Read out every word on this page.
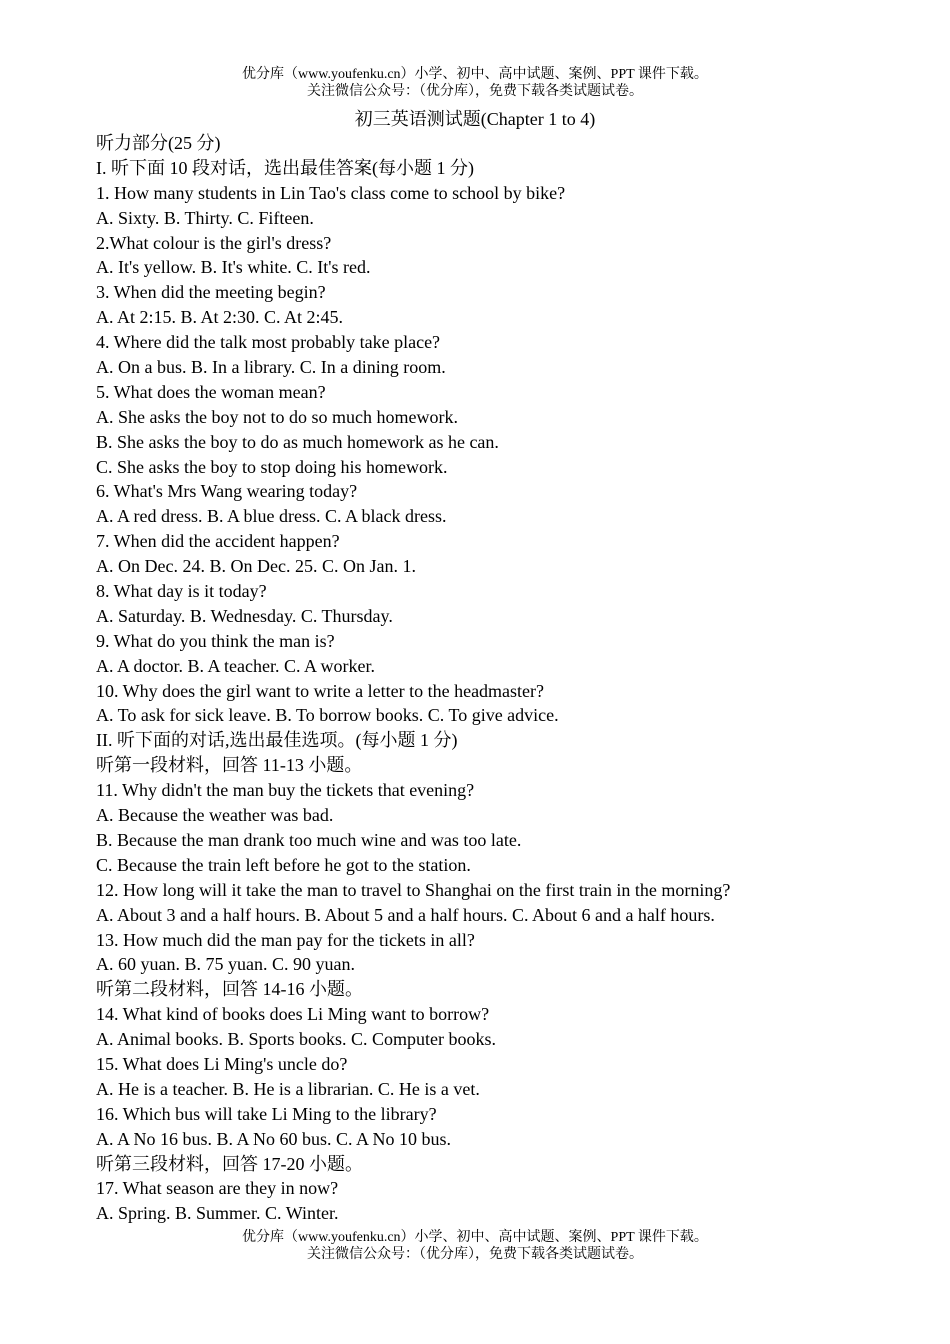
优分库（www.youfenku.cn）小学、初中、高中试题、案例、PPT 课件下载。
关注微信公众号：（优分库），免费下载各类试题试卷。
初三英语测试题(Chapter 1 to 4)
听力部分(25 分)
I. 听下面 10 段对话，选出最佳答案(每小题 1 分)
1. How many students in Lin Tao's class come to school by bike?
A. Sixty. B. Thirty. C. Fifteen.
2.What colour is the girl's dress?
A. It's yellow. B. It's white. C. It's red.
3. When did the meeting begin?
A. At 2:15. B. At 2:30. C. At 2:45.
4. Where did the talk most probably take place?
A. On a bus. B. In a library. C. In a dining room.
5. What does the woman mean?
A. She asks the boy not to do so much homework.
B. She asks the boy to do as much homework as he can.
C. She asks the boy to stop doing his homework.
6. What's Mrs Wang wearing today?
A. A red dress. B. A blue dress. C. A black dress.
7. When did the accident happen?
A. On Dec. 24. B. On Dec. 25. C. On Jan. 1.
8. What day is it today?
A. Saturday. B. Wednesday. C. Thursday.
9. What do you think the man is?
A. A doctor. B. A teacher. C. A worker.
10. Why does the girl want to write a letter to the headmaster?
A. To ask for sick leave. B. To borrow books. C. To give advice.
II. 听下面的对话,选出最佳选项。(每小题 1 分)
听第一段材料，回答 11-13 小题。
11. Why didn't the man buy the tickets that evening?
A. Because the weather was bad.
B. Because the man drank too much wine and was too late.
C. Because the train left before he got to the station.
12. How long will it take the man to travel to Shanghai on the first train in the morning?
A. About 3 and a half hours. B. About 5 and a half hours. C. About 6 and a half hours.
13. How much did the man pay for the tickets in all?
A. 60 yuan. B. 75 yuan. C. 90 yuan.
听第二段材料，回答 14-16 小题。
14. What kind of books does Li Ming want to borrow?
A. Animal books. B. Sports books. C. Computer books.
15. What does Li Ming's uncle do?
A. He is a teacher. B. He is a librarian. C. He is a vet.
16. Which bus will take Li Ming to the library?
A. A No 16 bus. B. A No 60 bus. C. A No 10 bus.
听第三段材料，回答 17-20 小题。
17. What season are they in now?
A. Spring. B. Summer. C. Winter.
优分库（www.youfenku.cn）小学、初中、高中试题、案例、PPT 课件下载。
关注微信公众号：（优分库），免费下载各类试题试卷。
